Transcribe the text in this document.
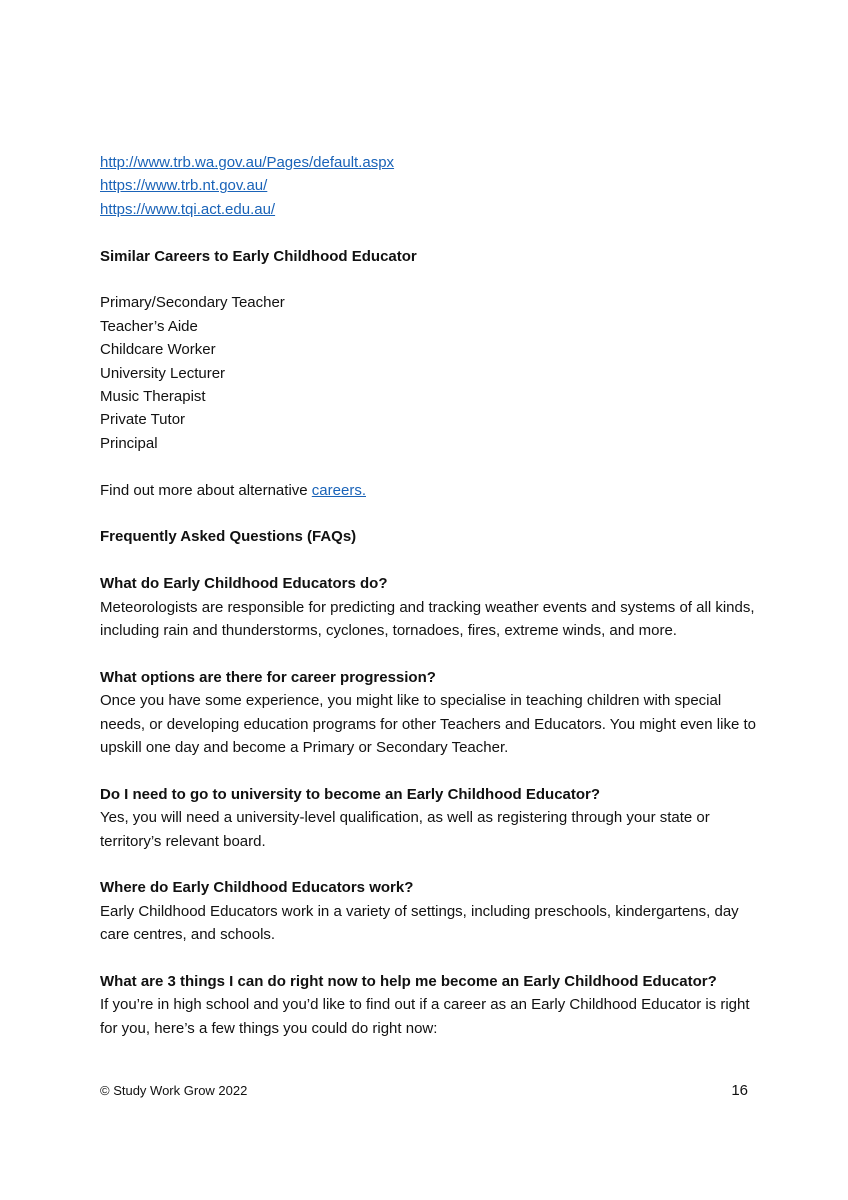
http://www.trb.wa.gov.au/Pages/default.aspx
https://www.trb.nt.gov.au/
https://www.tqi.act.edu.au/
Similar Careers to Early Childhood Educator
Primary/Secondary Teacher
Teacher’s Aide
Childcare Worker
University Lecturer
Music Therapist
Private Tutor
Principal
Find out more about alternative careers.
Frequently Asked Questions (FAQs)
What do Early Childhood Educators do?

Meteorologists are responsible for predicting and tracking weather events and systems of all kinds, including rain and thunderstorms, cyclones, tornadoes, fires, extreme winds, and more.

What options are there for career progression?

Once you have some experience, you might like to specialise in teaching children with special needs, or developing education programs for other Teachers and Educators. You might even like to upskill one day and become a Primary or Secondary Teacher.

Do I need to go to university to become an Early Childhood Educator?

Yes, you will need a university-level qualification, as well as registering through your state or territory’s relevant board.

Where do Early Childhood Educators work?

Early Childhood Educators work in a variety of settings, including preschools, kindergartens, day care centres, and schools.

What are 3 things I can do right now to help me become an Early Childhood Educator?

If you’re in high school and you’d like to find out if a career as an Early Childhood Educator is right for you, here’s a few things you could do right now:

© Study Work Grow 2022	16
